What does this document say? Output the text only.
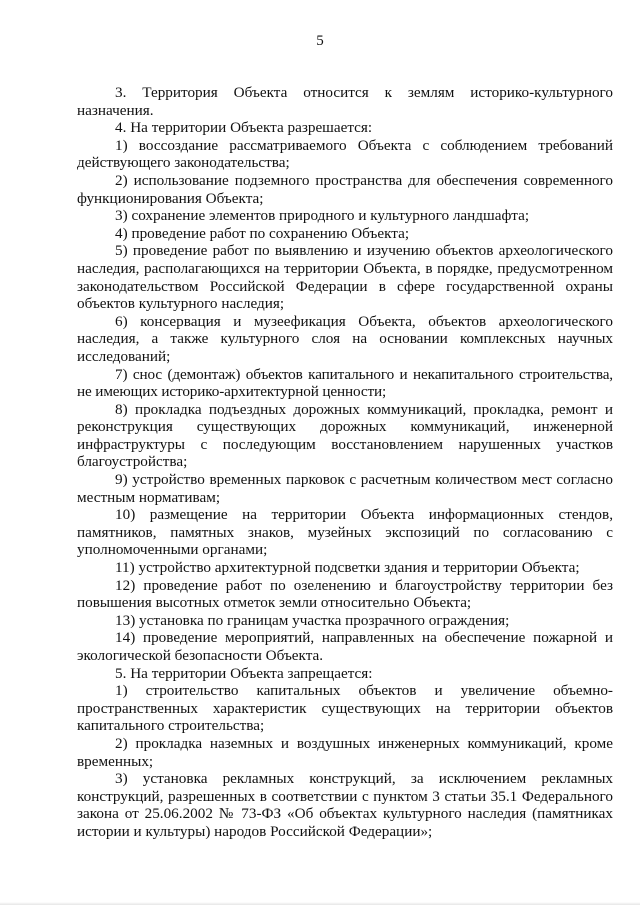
5

3. Территория Объекта относится к землям историко-культурного назначения.

4. На территории Объекта разрешается:

1) воссоздание рассматриваемого Объекта с соблюдением требований действующего законодательства;

2) использование подземного пространства для обеспечения современного функционирования Объекта;

3) сохранение элементов природного и культурного ландшафта;

4) проведение работ по сохранению Объекта;

5) проведение работ по выявлению и изучению объектов археологического наследия, располагающихся на территории Объекта, в порядке, предусмотренном законодательством Российской Федерации в сфере государственной охраны объектов культурного наследия;

6) консервация и музеефикация Объекта, объектов археологического наследия, а также культурного слоя на основании комплексных научных исследований;

7) снос (демонтаж) объектов капитального и некапитального строительства, не имеющих историко-архитектурной ценности;

8) прокладка подъездных дорожных коммуникаций, прокладка, ремонт и реконструкция существующих дорожных коммуникаций, инженерной инфраструктуры с последующим восстановлением нарушенных участков благоустройства;

9) устройство временных парковок с расчетным количеством мест согласно местным нормативам;

10) размещение на территории Объекта информационных стендов, памятников, памятных знаков, музейных экспозиций по согласованию с уполномоченными органами;

11) устройство архитектурной подсветки здания и территории Объекта;

12) проведение работ по озеленению и благоустройству территории без повышения высотных отметок земли относительно Объекта;

13) установка по границам участка прозрачного ограждения;

14) проведение мероприятий, направленных на обеспечение пожарной и экологической безопасности Объекта.

5. На территории Объекта запрещается:

1) строительство капитальных объектов и увеличение объемно-пространственных характеристик существующих на территории объектов капитального строительства;

2) прокладка наземных и воздушных инженерных коммуникаций, кроме временных;

3) установка рекламных конструкций, за исключением рекламных конструкций, разрешенных в соответствии с пунктом 3 статьи 35.1 Федерального закона от 25.06.2002 № 73-ФЗ «Об объектах культурного наследия (памятниках истории и культуры) народов Российской Федерации»;
